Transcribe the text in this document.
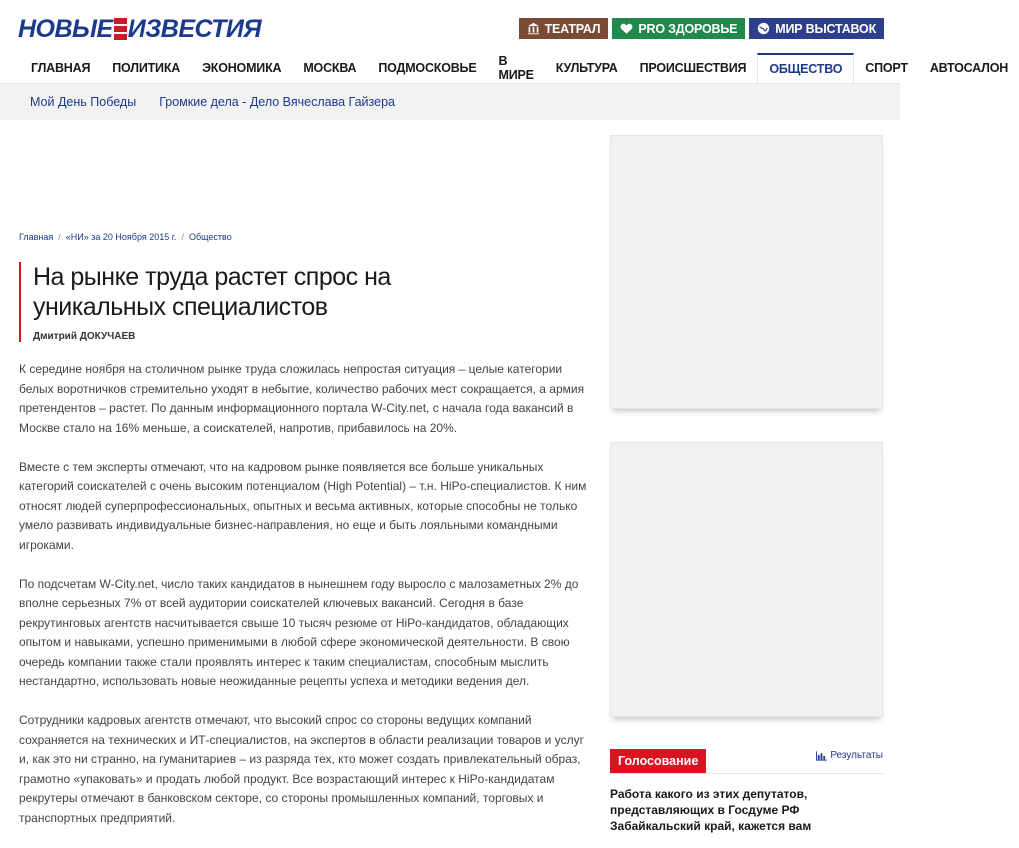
НОВЫЕ ИЗВЕСТИЯ	ТЕАТРАЛ	PRO ЗДОРОВЬЕ	МИР ВЫСТАВОК
ГЛАВНАЯ	ПОЛИТИКА	ЭКОНОМИКА	МОСКВА	ПОДМОСКОВЬЕ	В МИРЕ	КУЛЬТУРА	ПРОИСШЕСТВИЯ	ОБЩЕСТВО	СПОРТ	АВТОСАЛОН
Мой День Победы Громкие дела - Дело Вячеслава Гайзера
Главная / «НИ» за 20 Ноября 2015 г. / Общество
На рынке труда растет спрос на уникальных специалистов
Дмитрий ДОКУЧАЕВ

К середине ноября на столичном рынке труда сложилась непростая ситуация – целые категории белых воротничков стремительно уходят в небытие, количество рабочих мест сокращается, а армия претендентов – растет. По данным информационного портала W-City.net, с начала года вакансий в Москве стало на 16% меньше, а соискателей, напротив, прибавилось на 20%.

Вместе с тем эксперты отмечают, что на кадровом рынке появляется все больше уникальных категорий соискателей с очень высоким потенциалом (High Potential) – т.н. HiPo-специалистов. К ним относят людей суперпрофессиональных, опытных и весьма активных, которые способны не только умело развивать индивидуальные бизнес-направления, но еще и быть лояльными командными игроками.

По подсчетам W-City.net, число таких кандидатов в нынешнем году выросло с малозаметных 2% до вполне серьезных 7% от всей аудитории соискателей ключевых вакансий. Сегодня в базе рекрутинговых агентств насчитывается свыше 10 тысяч резюме от HiPo-кандидатов, обладающих опытом и навыками, успешно применимыми в любой сфере экономической деятельности. В свою очередь компании также стали проявлять интерес к таким специалистам, способным мыслить нестандартно, использовать новые неожиданные рецепты успеха и методики ведения дел.

Сотрудники кадровых агентств отмечают, что высокий спрос со стороны ведущих компаний сохраняется на технических и ИТ-специалистов, на экспертов в области реализации товаров и услуг и, как это ни странно, на гуманитариев – из разряда тех, кто может создать привлекательный образ, грамотно «упаковать» и продать любой продукт. Все возрастающий интерес к HiPo-кандидатам рекрутеры отмечают в банковском секторе, со стороны промышленных компаний, торговых и транспортных предприятий.

Голосование	Результаты
Работа какого из этих депутатов, представляющих в Госдуме РФ Забайкальский край, кажется вам
